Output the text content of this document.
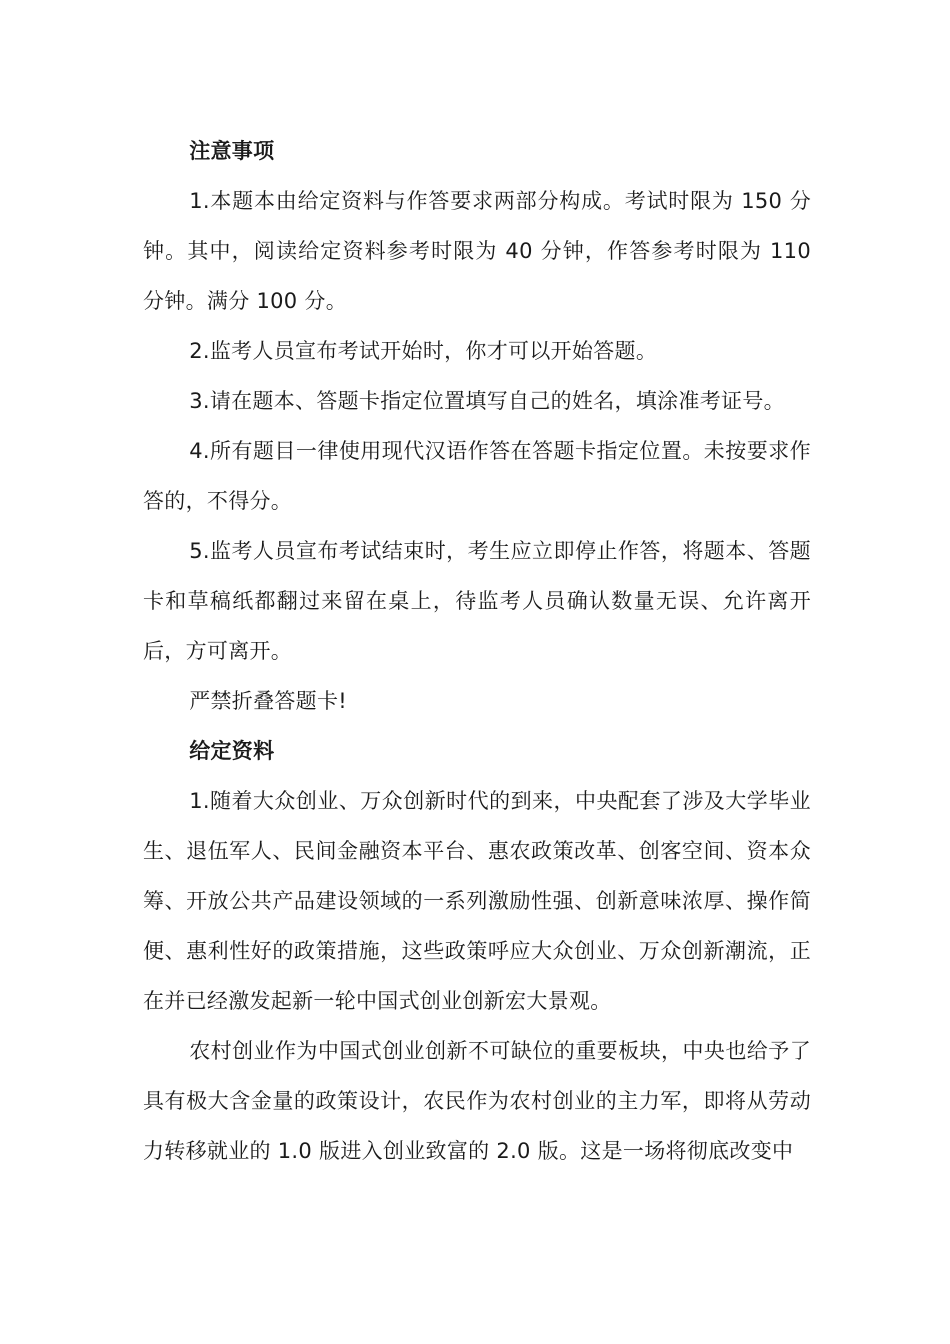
注意事项

1.本题本由给定资料与作答要求两部分构成。考试时限为 150 分钟。其中，阅读给定资料参考时限为 40 分钟，作答参考时限为 110 分钟。满分 100 分。

2.监考人员宣布考试开始时，你才可以开始答题。

3.请在题本、答题卡指定位置填写自己的姓名，填涂准考证号。

4.所有题目一律使用现代汉语作答在答题卡指定位置。未按要求作答的，不得分。

5.监考人员宣布考试结束时，考生应立即停止作答，将题本、答题卡和草稿纸都翻过来留在桌上，待监考人员确认数量无误、允许离开后，方可离开。

严禁折叠答题卡!

给定资料

1.随着大众创业、万众创新时代的到来，中央配套了涉及大学毕业生、退伍军人、民间金融资本平台、惠农政策改革、创客空间、资本众筹、开放公共产品建设领域的一系列激励性强、创新意味浓厚、操作简便、惠利性好的政策措施，这些政策呼应大众创业、万众创新潮流，正在并已经激发起新一轮中国式创业创新宏大景观。

农村创业作为中国式创业创新不可缺位的重要板块，中央也给予了具有极大含金量的政策设计，农民作为农村创业的主力军，即将从劳动力转移就业的 1.0 版进入创业致富的 2.0 版。这是一场将彻底改变中
